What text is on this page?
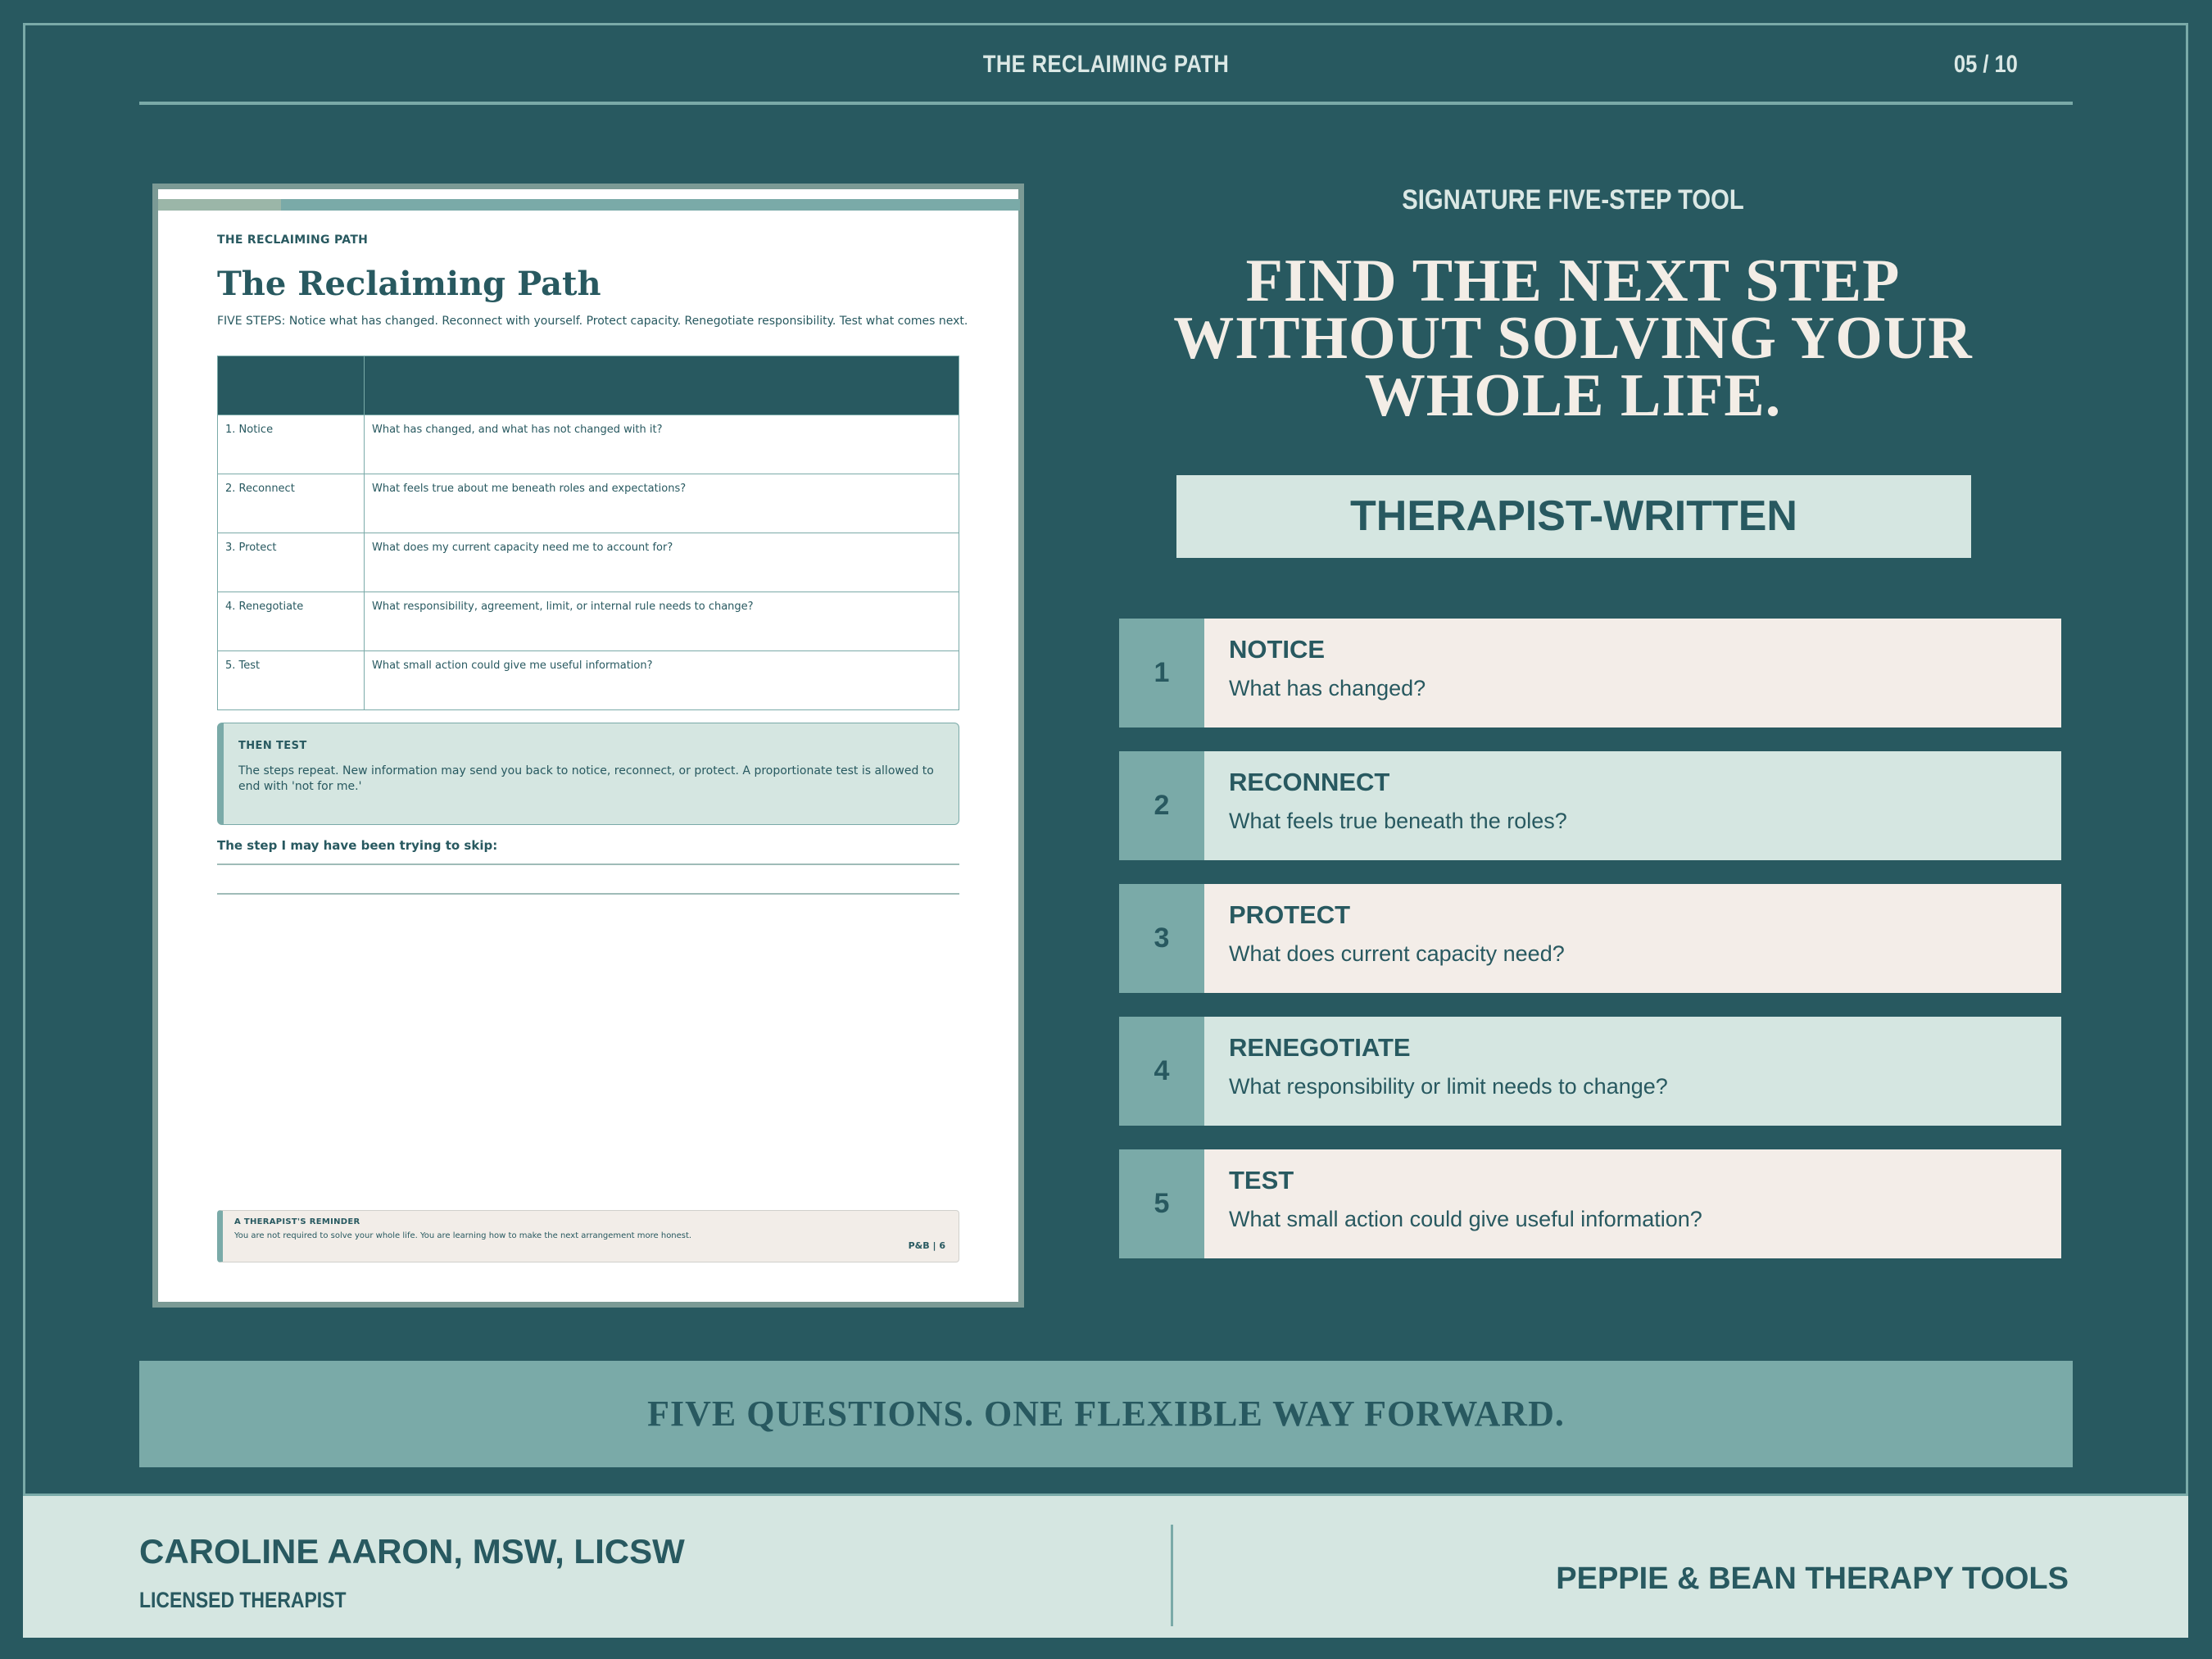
THE RECLAIMING PATH	05 / 10
THE RECLAIMING PATH
The Reclaiming Path
FIVE STEPS: Notice what has changed. Reconnect with yourself. Protect capacity. Renegotiate responsibility. Test what comes next.

1. Notice	What has changed, and what has not changed with it?
2. Reconnect	What feels true about me beneath roles and expectations?
3. Protect	What does my current capacity need me to account for?
4. Renegotiate	What responsibility, agreement, limit, or internal rule needs to change?
5. Test	What small action could give me useful information?
THEN TEST
The steps repeat. New information may send you back to notice, reconnect, or protect. A proportionate test is allowed to end with 'not for me.'
The step I may have been trying to skip:
A THERAPIST'S REMINDER
You are not required to solve your whole life. You are learning how to make the next arrangement more honest.
P&B | 6
SIGNATURE FIVE-STEP TOOL
FIND THE NEXT STEP WITHOUT SOLVING YOUR WHOLE LIFE.
THERAPIST-WRITTEN
1
NOTICE
What has changed?
2
RECONNECT
What feels true beneath the roles?
3
PROTECT
What does current capacity need?
4
RENEGOTIATE
What responsibility or limit needs to change?
5
TEST
What small action could give useful information?
FIVE QUESTIONS. ONE FLEXIBLE WAY FORWARD.
CAROLINE AARON, MSW, LICSW
LICENSED THERAPIST
PEPPIE & BEAN THERAPY TOOLS
